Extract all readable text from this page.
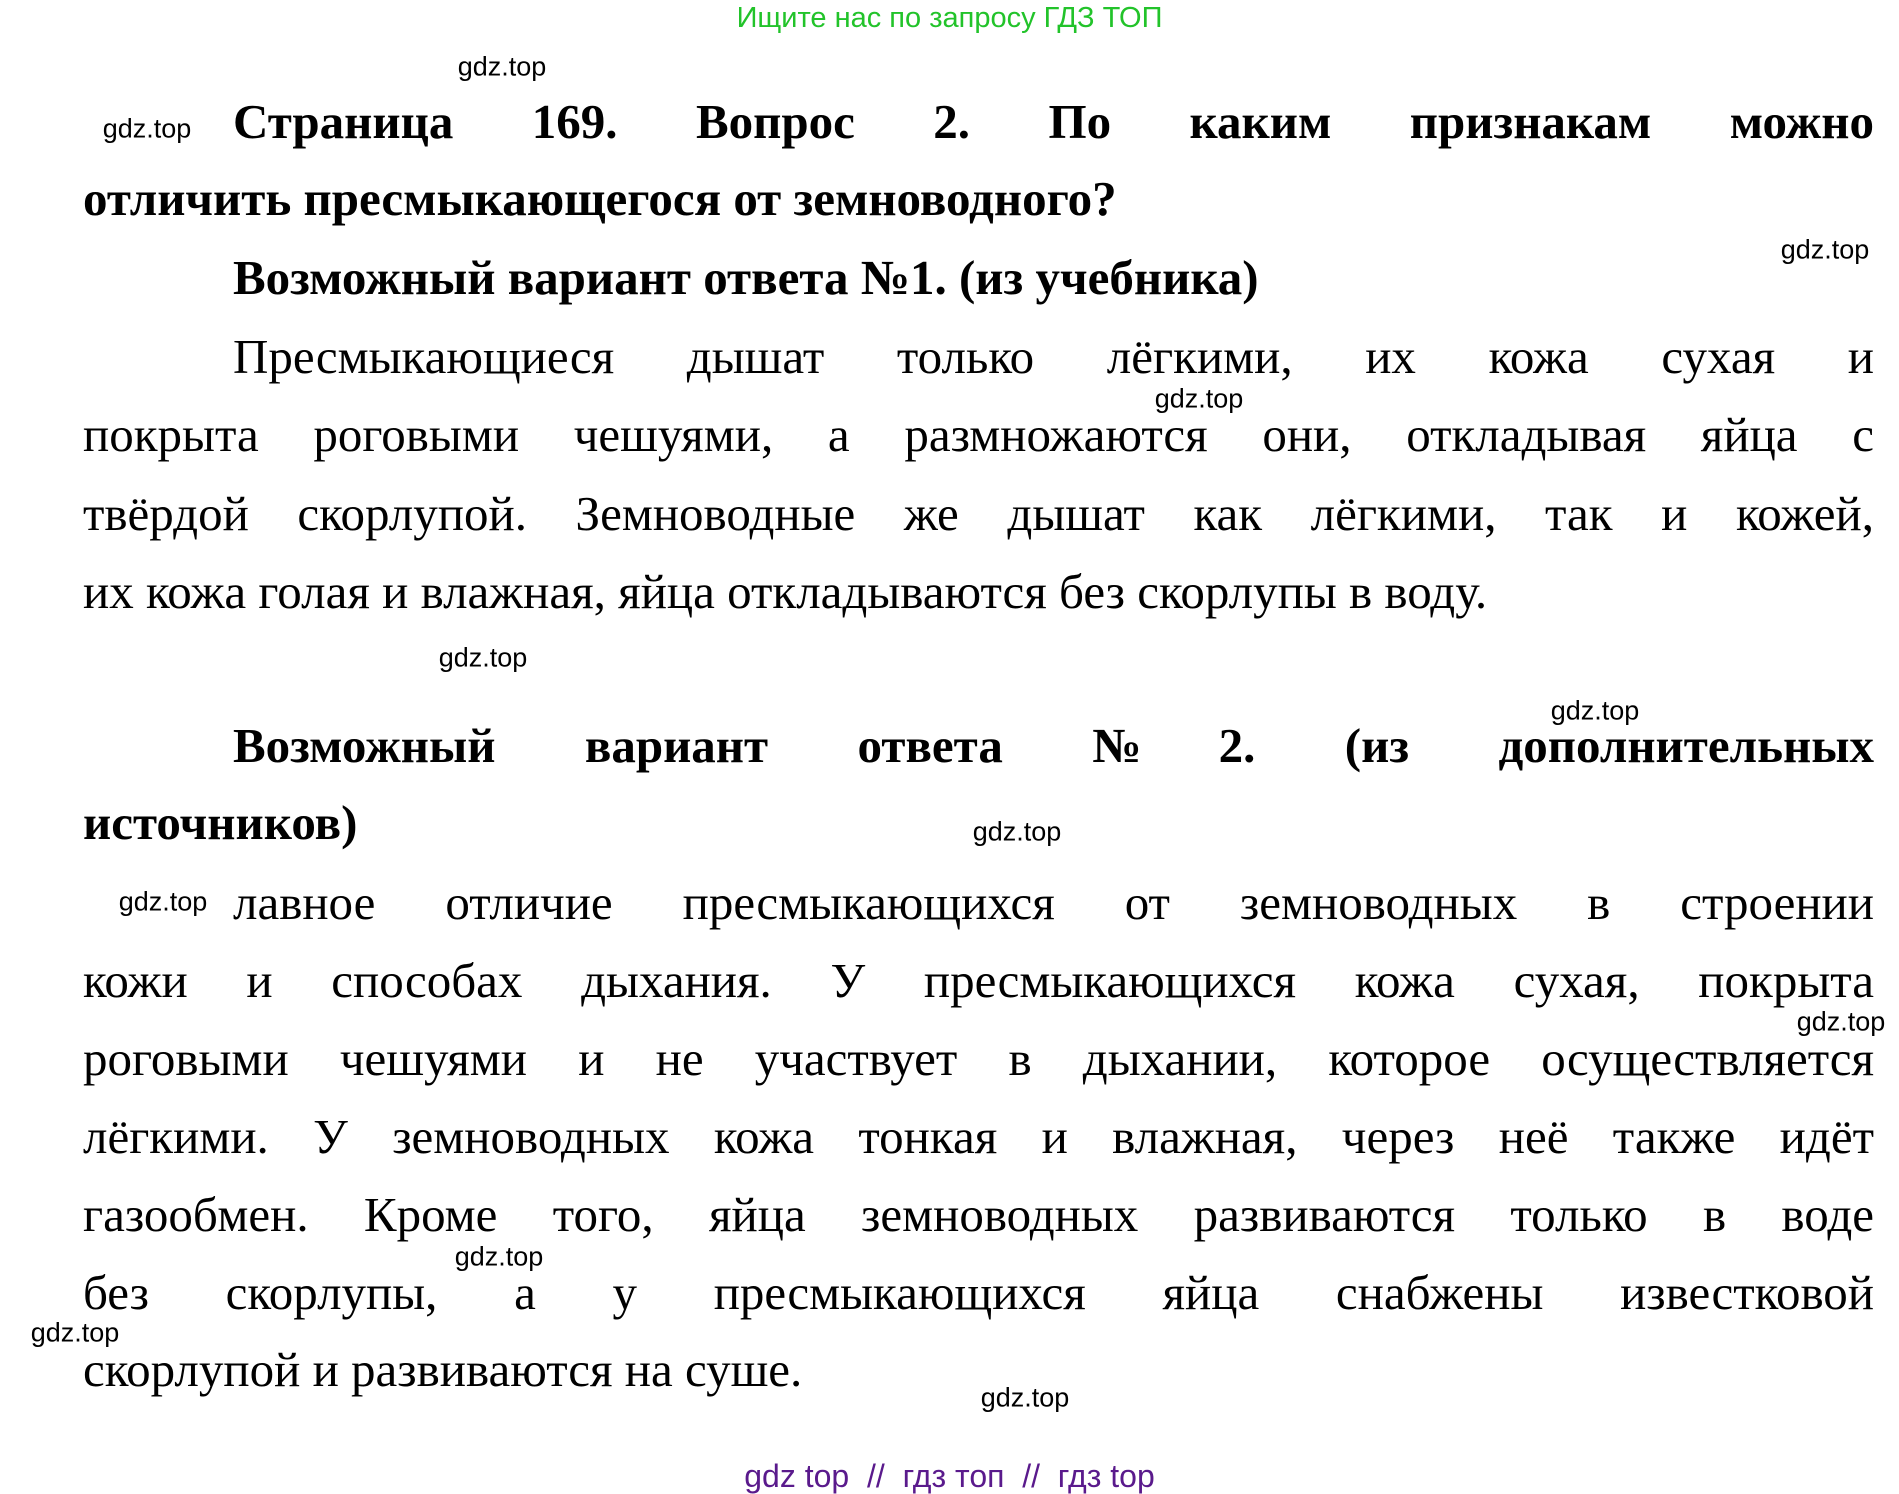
Ищите нас по запросу ГДЗ ТОП
Страница 169. Вопрос 2. По каким признакам можно
отличить пресмыкающегося от земноводного?
Возможный вариант ответа №1. (из учебника)
Пресмыкающиеся дышат только лёгкими, их кожа сухая и
покрыта роговыми чешуями, а размножаются они, откладывая яйца с
твёрдой скорлупой. Земноводные же дышат как лёгкими, так и кожей,
их кожа голая и влажная, яйца откладываются без скорлупы в воду.
Возможный вариант ответа №2. (из дополнительных
источников)
лавное отличие пресмыкающихся от земноводных в строении
кожи и способах дыхания. У пресмыкающихся кожа сухая, покрыта
роговыми чешуями и не участвует в дыхании, которое осуществляется
лёгкими. У земноводных кожа тонкая и влажная, через неё также идёт
газообмен. Кроме того, яйца земноводных развиваются только в воде
без скорлупы, а у пресмыкающихся яйца снабжены известковой
скорлупой и развиваются на суше.
gdz.top
gdz.top
gdz.top
gdz.top
gdz.top
gdz.top
gdz.top
gdz.top
gdz.top
gdz.top
gdz.top
gdz.top
gdz top  //  гдз топ  //  гдз top
